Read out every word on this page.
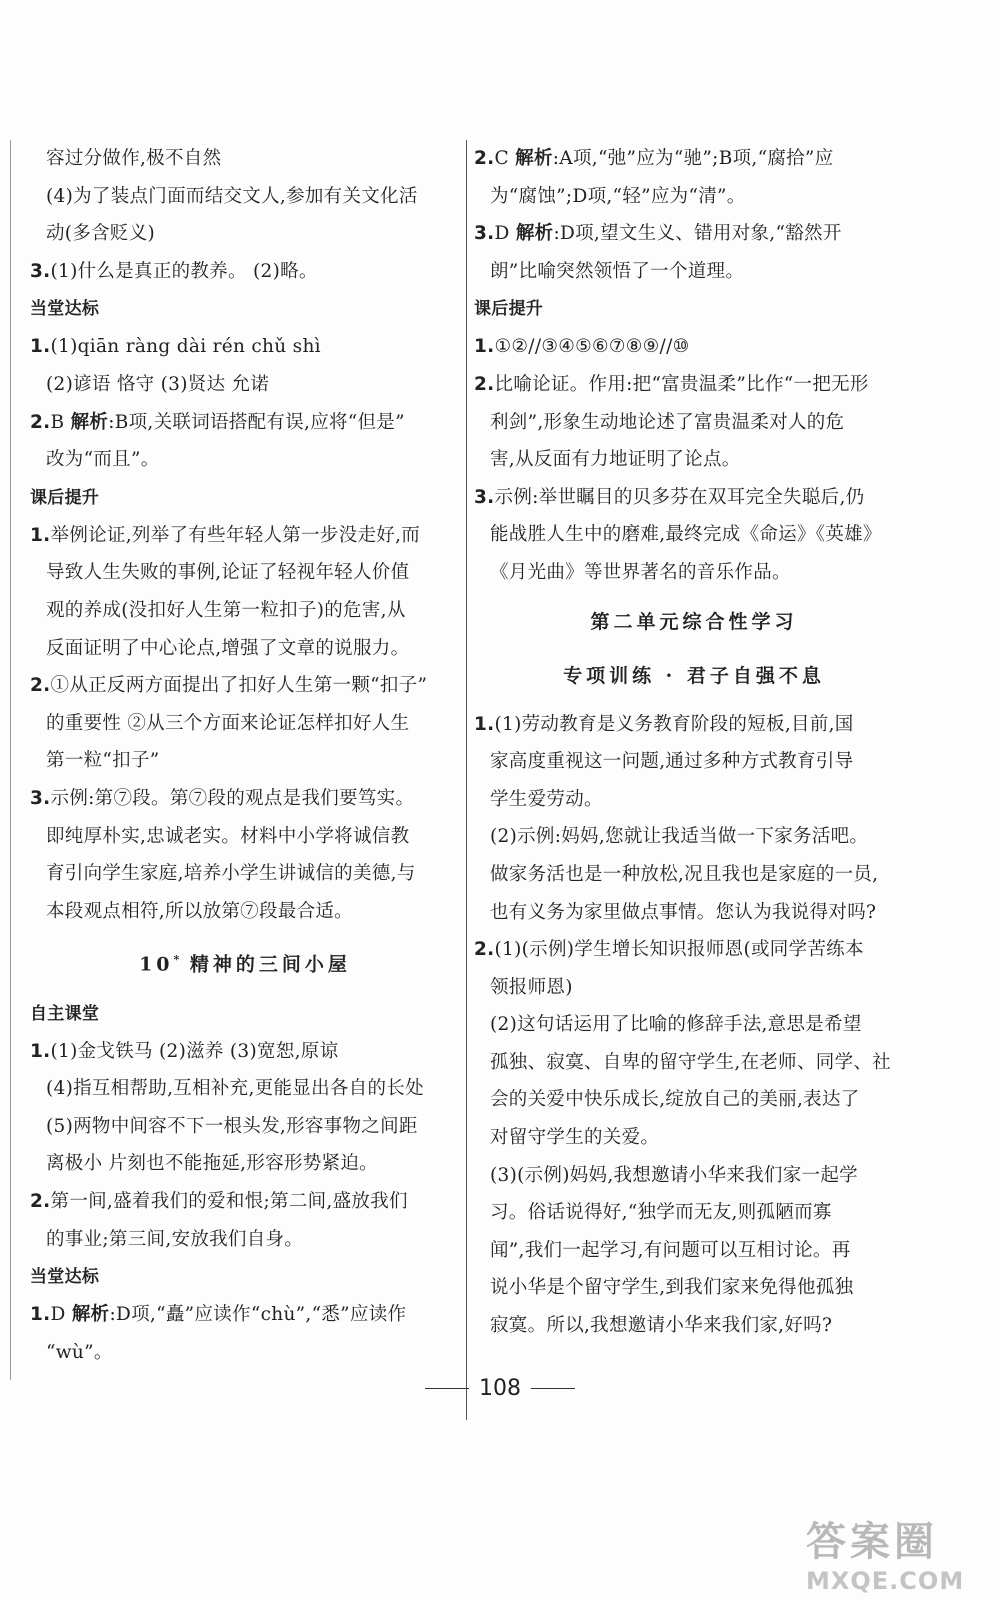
容过分做作,极不自然

(4)为了装点门面而结交文人,参加有关文化活

动(多含贬义)

3.(1)什么是真正的教养。 (2)略。

当堂达标

1.(1)qiān ràng dài rén chǔ shì

(2)谚语 恪守 (3)贤达 允诺

2.B 解析:B项,关联词语搭配有误,应将“但是”

改为“而且”。

课后提升

1.举例论证,列举了有些年轻人第一步没走好,而

导致人生失败的事例,论证了轻视年轻人价值

观的养成(没扣好人生第一粒扣子)的危害,从

反面证明了中心论点,增强了文章的说服力。

2.①从正反两方面提出了扣好人生第一颗“扣子”

的重要性 ②从三个方面来论证怎样扣好人生

第一粒“扣子”

3.示例:第⑦段。第⑦段的观点是我们要笃实。

即纯厚朴实,忠诚老实。材料中小学将诚信教

育引向学生家庭,培养小学生讲诚信的美德,与

本段观点相符,所以放第⑦段最合适。

10* 精神的三间小屋

自主课堂

1.(1)金戈铁马 (2)滋养 (3)宽恕,原谅

(4)指互相帮助,互相补充,更能显出各自的长处

(5)两物中间容不下一根头发,形容事物之间距

离极小 片刻也不能拖延,形容形势紧迫。

2.第一间,盛着我们的爱和恨;第二间,盛放我们

的事业;第三间,安放我们自身。

当堂达标

1.D 解析:D项,“矗”应读作“chù”,“悉”应读作

“wù”。

2.C 解析:A项,“弛”应为“驰”;B项,“腐拾”应

为“腐蚀”;D项,“轻”应为“清”。

3.D 解析:D项,望文生义、错用对象,“豁然开

朗”比喻突然领悟了一个道理。

课后提升

1.①②//③④⑤⑥⑦⑧⑨//⑩

2.比喻论证。作用:把“富贵温柔”比作“一把无形

利剑”,形象生动地论述了富贵温柔对人的危

害,从反面有力地证明了论点。

3.示例:举世瞩目的贝多芬在双耳完全失聪后,仍

能战胜人生中的磨难,最终完成《命运》《英雄》

《月光曲》等世界著名的音乐作品。

第二单元综合性学习

专项训练 · 君子自强不息

1.(1)劳动教育是义务教育阶段的短板,目前,国

家高度重视这一问题,通过多种方式教育引导

学生爱劳动。

(2)示例:妈妈,您就让我适当做一下家务活吧。

做家务活也是一种放松,况且我也是家庭的一员,

也有义务为家里做点事情。您认为我说得对吗?

2.(1)(示例)学生增长知识报师恩(或同学苦练本

领报师恩)

(2)这句话运用了比喻的修辞手法,意思是希望

孤独、寂寞、自卑的留守学生,在老师、同学、社

会的关爱中快乐成长,绽放自己的美丽,表达了

对留守学生的关爱。

(3)(示例)妈妈,我想邀请小华来我们家一起学

习。俗话说得好,“独学而无友,则孤陋而寡

闻”,我们一起学习,有问题可以互相讨论。再

说小华是个留守学生,到我们家来免得他孤独

寂寞。所以,我想邀请小华来我们家,好吗?

108
答案圈
MXQE.COM
